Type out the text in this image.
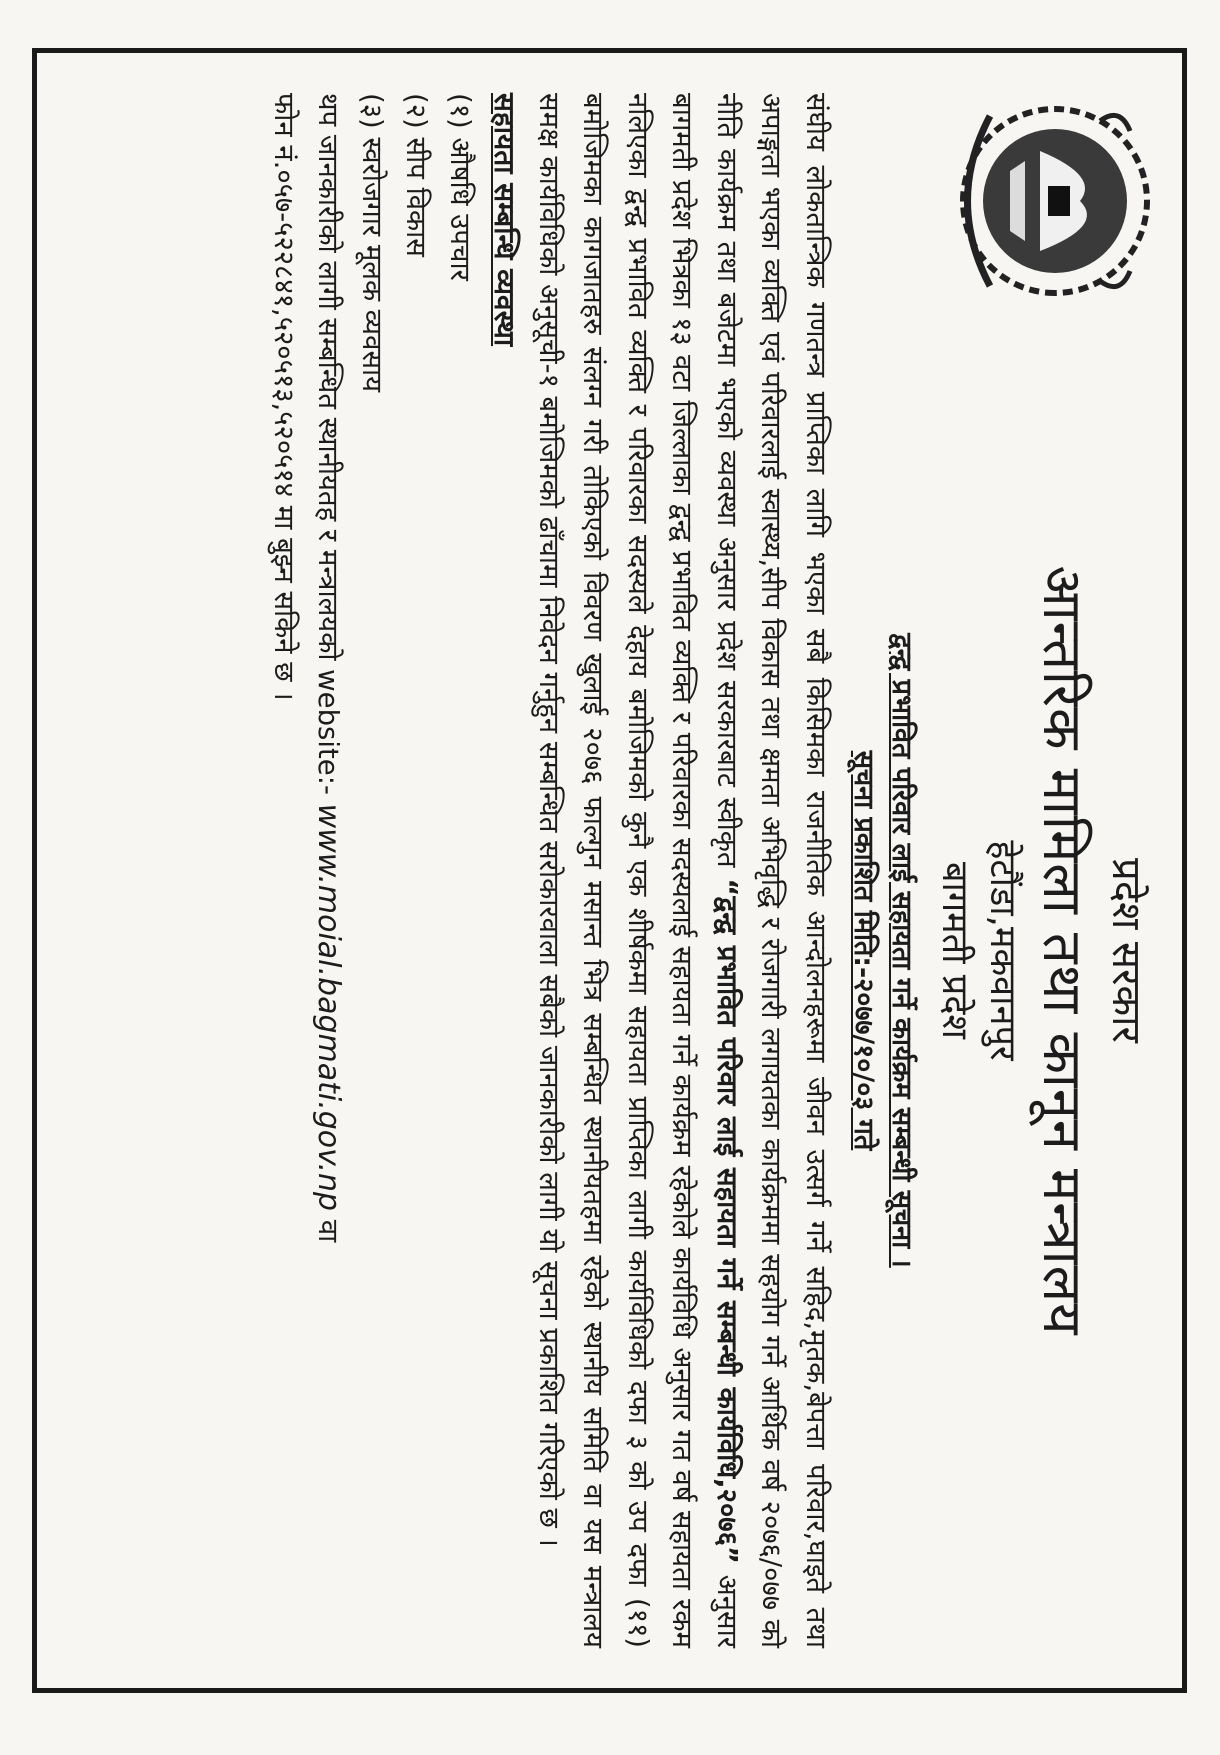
प्रदेश सरकार

आन्तरिक मामिला तथा कानून मन्त्रालय

हेटौंडा,मकवानपुर

बागमती प्रदेश

द्वन्द्व प्रभावित परिवार लाई सहायता गर्ने कार्यक्रम सम्बन्धी सूचना ।

सूचना प्रकाशित मिति:-२०७७/१०/०३ गते

संघीय लोकतान्त्रिक गणतन्त्र प्राप्तिका लागि भएका सबै किसिमका राजनीतिक आन्दोलनहरूमा जीवन उत्सर्ग गर्ने सहिद,मृतक,बेपत्ता परिवार,घाइते तथा अपाङ्गता भएका व्यक्ति एवं परिवारलाई स्वास्थ्य,सीप विकास तथा क्षमता अभिवृद्धि र रोजगारी लगायतका कार्यक्रममा सहयोग गर्ने आर्थिक वर्ष २०७६/०७७ को नीति कार्यक्रम तथा बजेटमा भएको व्यवस्था अनुसार प्रदेश सरकारबाट स्वीकृत “द्वन्द्व प्रभावित परिवार लाई सहायता गर्ने सम्बन्धी कार्यविधि,२०७६” अनुसार बागमती प्रदेश भित्रका १३ वटा जिल्लाका द्वन्द्व प्रभावित व्यक्ति र परिवारका सदस्यलाई सहायता गर्ने कार्यक्रम रहेकोले कार्यविधि अनुसार गत वर्ष सहायता रकम नलिएका द्वन्द्व प्रभावित व्यक्ति र परिवारका सदस्यले देहाय बमोजिमको कुनै एक शीर्षकमा सहायता प्राप्तिका लागी कार्यविधिको दफा ३ को उप दफा (११) बमोजिमका कागजातहरु संलग्न गरी तोकिएको विवरण खुलाई २०७६ फाल्गुन मसान्त भित्र सम्बन्धित स्थानीयतहमा रहेको स्थानीय समिति वा यस मन्त्रालय समक्ष कार्यविधिको अनुसूची-१ बमोजिमको ढाँचामा निवेदन गर्नुहुन सम्बन्धित सरोकारवाला सबैको जानकारीको लागी यो सूचना प्रकाशित गरिएको छ ।

सहायता सम्बन्धि व्यवस्था

(१) औषधि उपचार
(२) सीप विकास
(३) स्वरोजगार मूलक व्यवसाय

थप जानकारीको लागी सम्बन्धित स्थानीयतह र मन्त्रालयको website:- www.moial.bagmati.gov.np वा

फोन नं.०५७-५२२८४१,५२०५१३,५२०५१४ मा बुझ्न सकिने छ ।
